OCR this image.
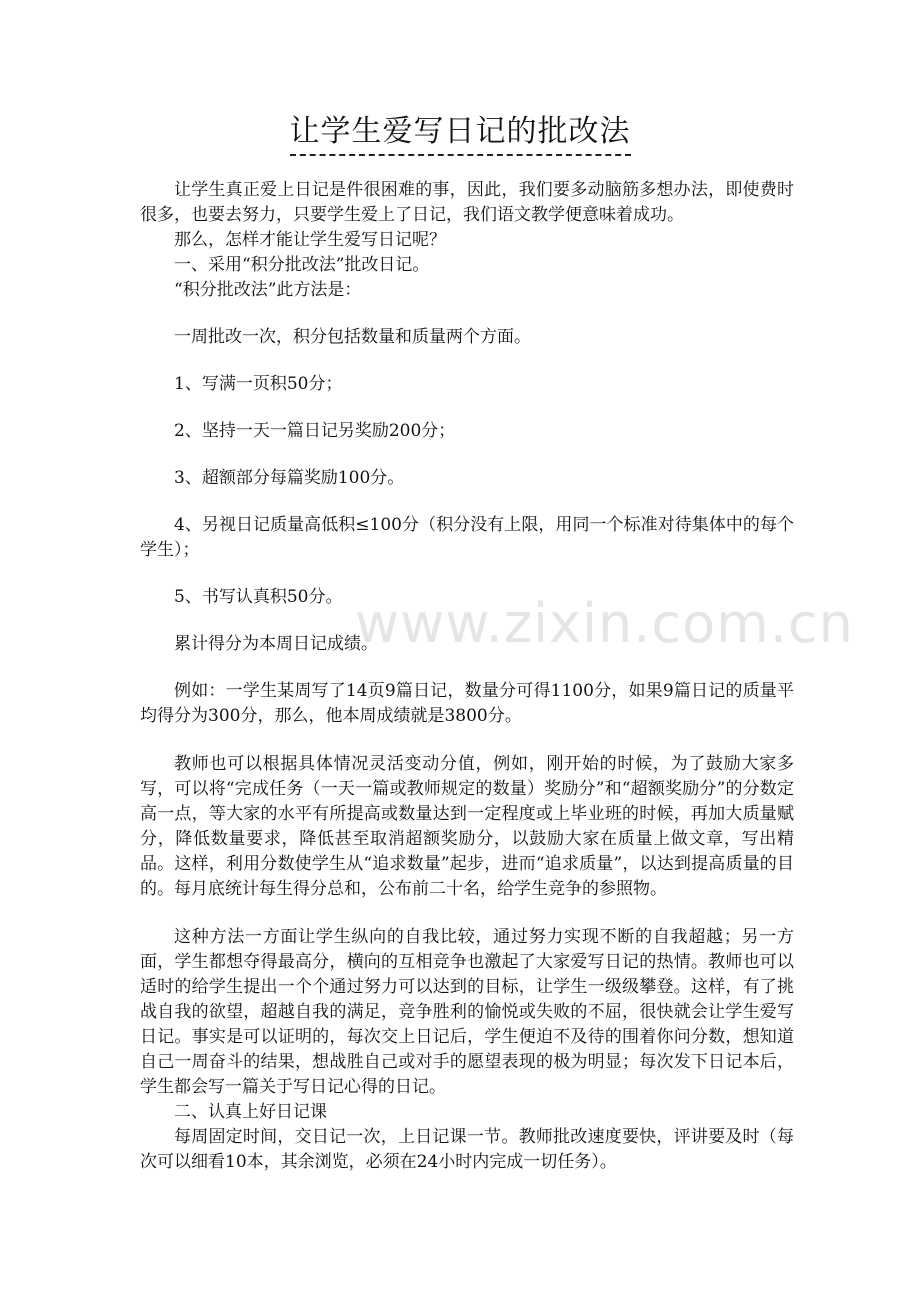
让学生爱写日记的批改法

让学生真正爱上日记是件很困难的事，因此，我们要多动脑筋多想办法，即使费时很多，也要去努力，只要学生爱上了日记，我们语文教学便意味着成功。

那么，怎样才能让学生爱写日记呢？

一、采用“积分批改法”批改日记。

“积分批改法”此方法是：

一周批改一次，积分包括数量和质量两个方面。

1、写满一页积50分；

2、坚持一天一篇日记另奖励200分；

3、超额部分每篇奖励100分。

4、另视日记质量高低积≤100分（积分没有上限，用同一个标准对待集体中的每个学生）；

5、书写认真积50分。

累计得分为本周日记成绩。

例如：一学生某周写了14页9篇日记，数量分可得1100分，如果9篇日记的质量平均得分为300分，那么，他本周成绩就是3800分。

教师也可以根据具体情况灵活变动分值，例如，刚开始的时候，为了鼓励大家多写，可以将“完成任务（一天一篇或教师规定的数量）奖励分”和“超额奖励分”的分数定高一点，等大家的水平有所提高或数量达到一定程度或上毕业班的时候，再加大质量赋分，降低数量要求，降低甚至取消超额奖励分，以鼓励大家在质量上做文章，写出精品。这样，利用分数使学生从“追求数量”起步，进而“追求质量”，以达到提高质量的目的。每月底统计每生得分总和，公布前二十名，给学生竞争的参照物。

这种方法一方面让学生纵向的自我比较，通过努力实现不断的自我超越；另一方面，学生都想夺得最高分，横向的互相竞争也激起了大家爱写日记的热情。教师也可以适时的给学生提出一个个通过努力可以达到的目标，让学生一级级攀登。这样，有了挑战自我的欲望，超越自我的满足，竞争胜利的愉悦或失败的不屈，很快就会让学生爱写日记。事实是可以证明的，每次交上日记后，学生便迫不及待的围着你问分数，想知道自己一周奋斗的结果，想战胜自己或对手的愿望表现的极为明显；每次发下日记本后，学生都会写一篇关于写日记心得的日记。

二、认真上好日记课

每周固定时间，交日记一次，上日记课一节。教师批改速度要快，评讲要及时（每次可以细看10本，其余浏览，必须在24小时内完成一切任务）。

www.zixin.com.cn
